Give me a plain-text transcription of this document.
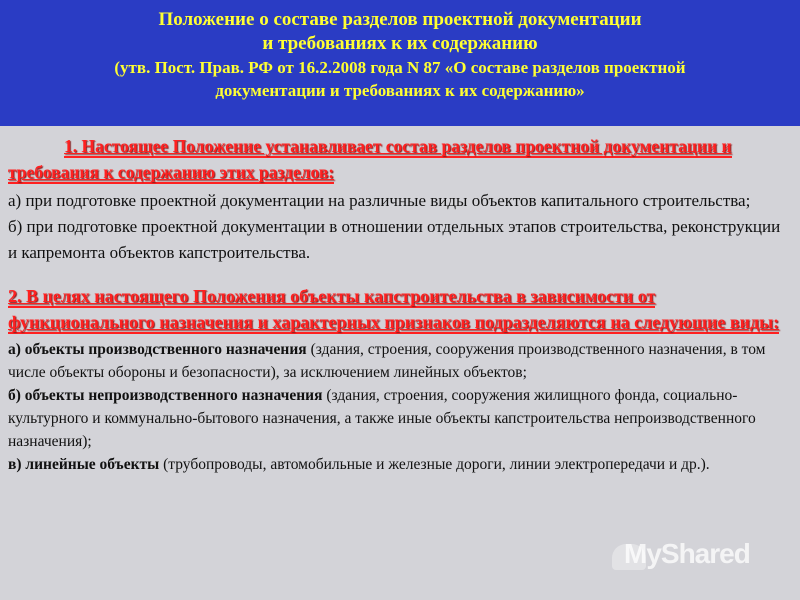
Положение о составе разделов проектной документации
и требованиях к их содержанию
(утв. Пост. Прав. РФ от 16.2.2008 года N 87 «О составе разделов проектной
документации и требованиях к их содержанию»
1. Настоящее Положение устанавливает состав разделов проектной документации и требования к содержанию этих разделов:

а) при подготовке проектной документации на различные виды объектов капитального строительства;

б) при подготовке проектной документации в отношении отдельных этапов строительства, реконструкции и капремонта объектов капстроительства.

2. В целях настоящего Положения объекты капстроительства в зависимости от функционального назначения и характерных признаков подразделяются на следующие виды:

а) объекты производственного назначения (здания, строения, сооружения производственного назначения, в том числе объекты обороны и безопасности), за исключением линейных объектов;

б) объекты непроизводственного назначения (здания, строения, сооружения жилищного фонда, социально-культурного и коммунально-бытового назначения, а также иные объекты капстроительства непроизводственного назначения);

в) линейные объекты (трубопроводы, автомобильные и железные дороги, линии электропередачи и др.).

MyShared
